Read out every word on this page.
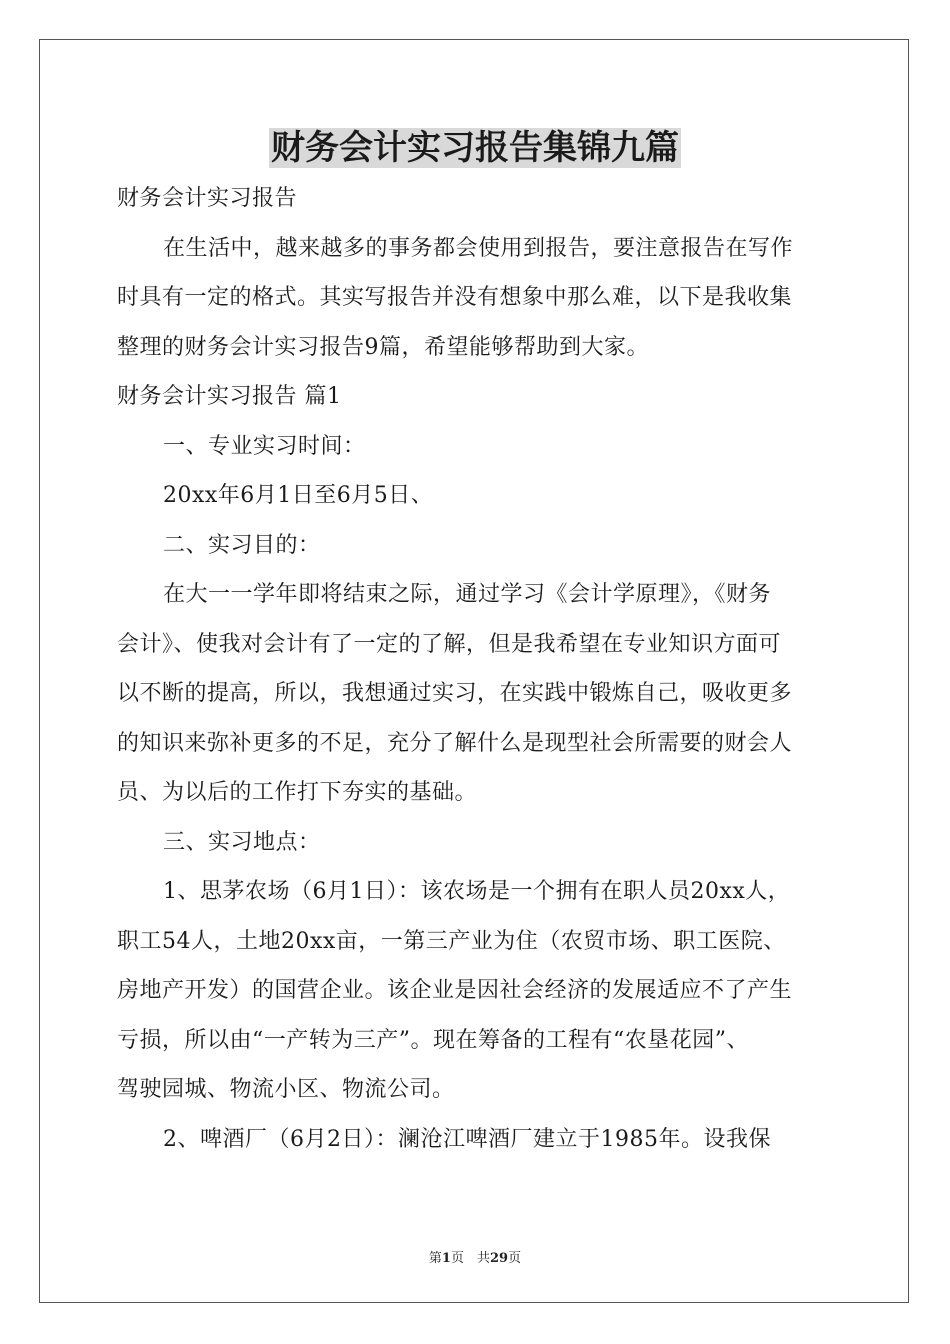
财务会计实习报告集锦九篇
财务会计实习报告
在生活中，越来越多的事务都会使用到报告，要注意报告在写作
时具有一定的格式。其实写报告并没有想象中那么难，以下是我收集
整理的财务会计实习报告9篇，希望能够帮助到大家。
财务会计实习报告 篇1
一、专业实习时间：
20xx年6月1日至6月5日、
二、实习目的：
在大一一学年即将结束之际，通过学习《会计学原理》，《财务
会计》、使我对会计有了一定的了解，但是我希望在专业知识方面可
以不断的提高，所以，我想通过实习，在实践中锻炼自己，吸收更多
的知识来弥补更多的不足，充分了解什么是现型社会所需要的财会人
员、为以后的工作打下夯实的基础。
三、实习地点：
1、思茅农场（6月1日）：该农场是一个拥有在职人员20xx人，
职工54人，土地20xx亩，一第三产业为住（农贸市场、职工医院、
房地产开发）的国营企业。该企业是因社会经济的发展适应不了产生
亏损，所以由“一产转为三产”。现在筹备的工程有“农垦花园”、
驾驶园城、物流小区、物流公司。
2、啤酒厂（6月2日）：澜沧江啤酒厂建立于1985年。设我保
第1页　共29页
